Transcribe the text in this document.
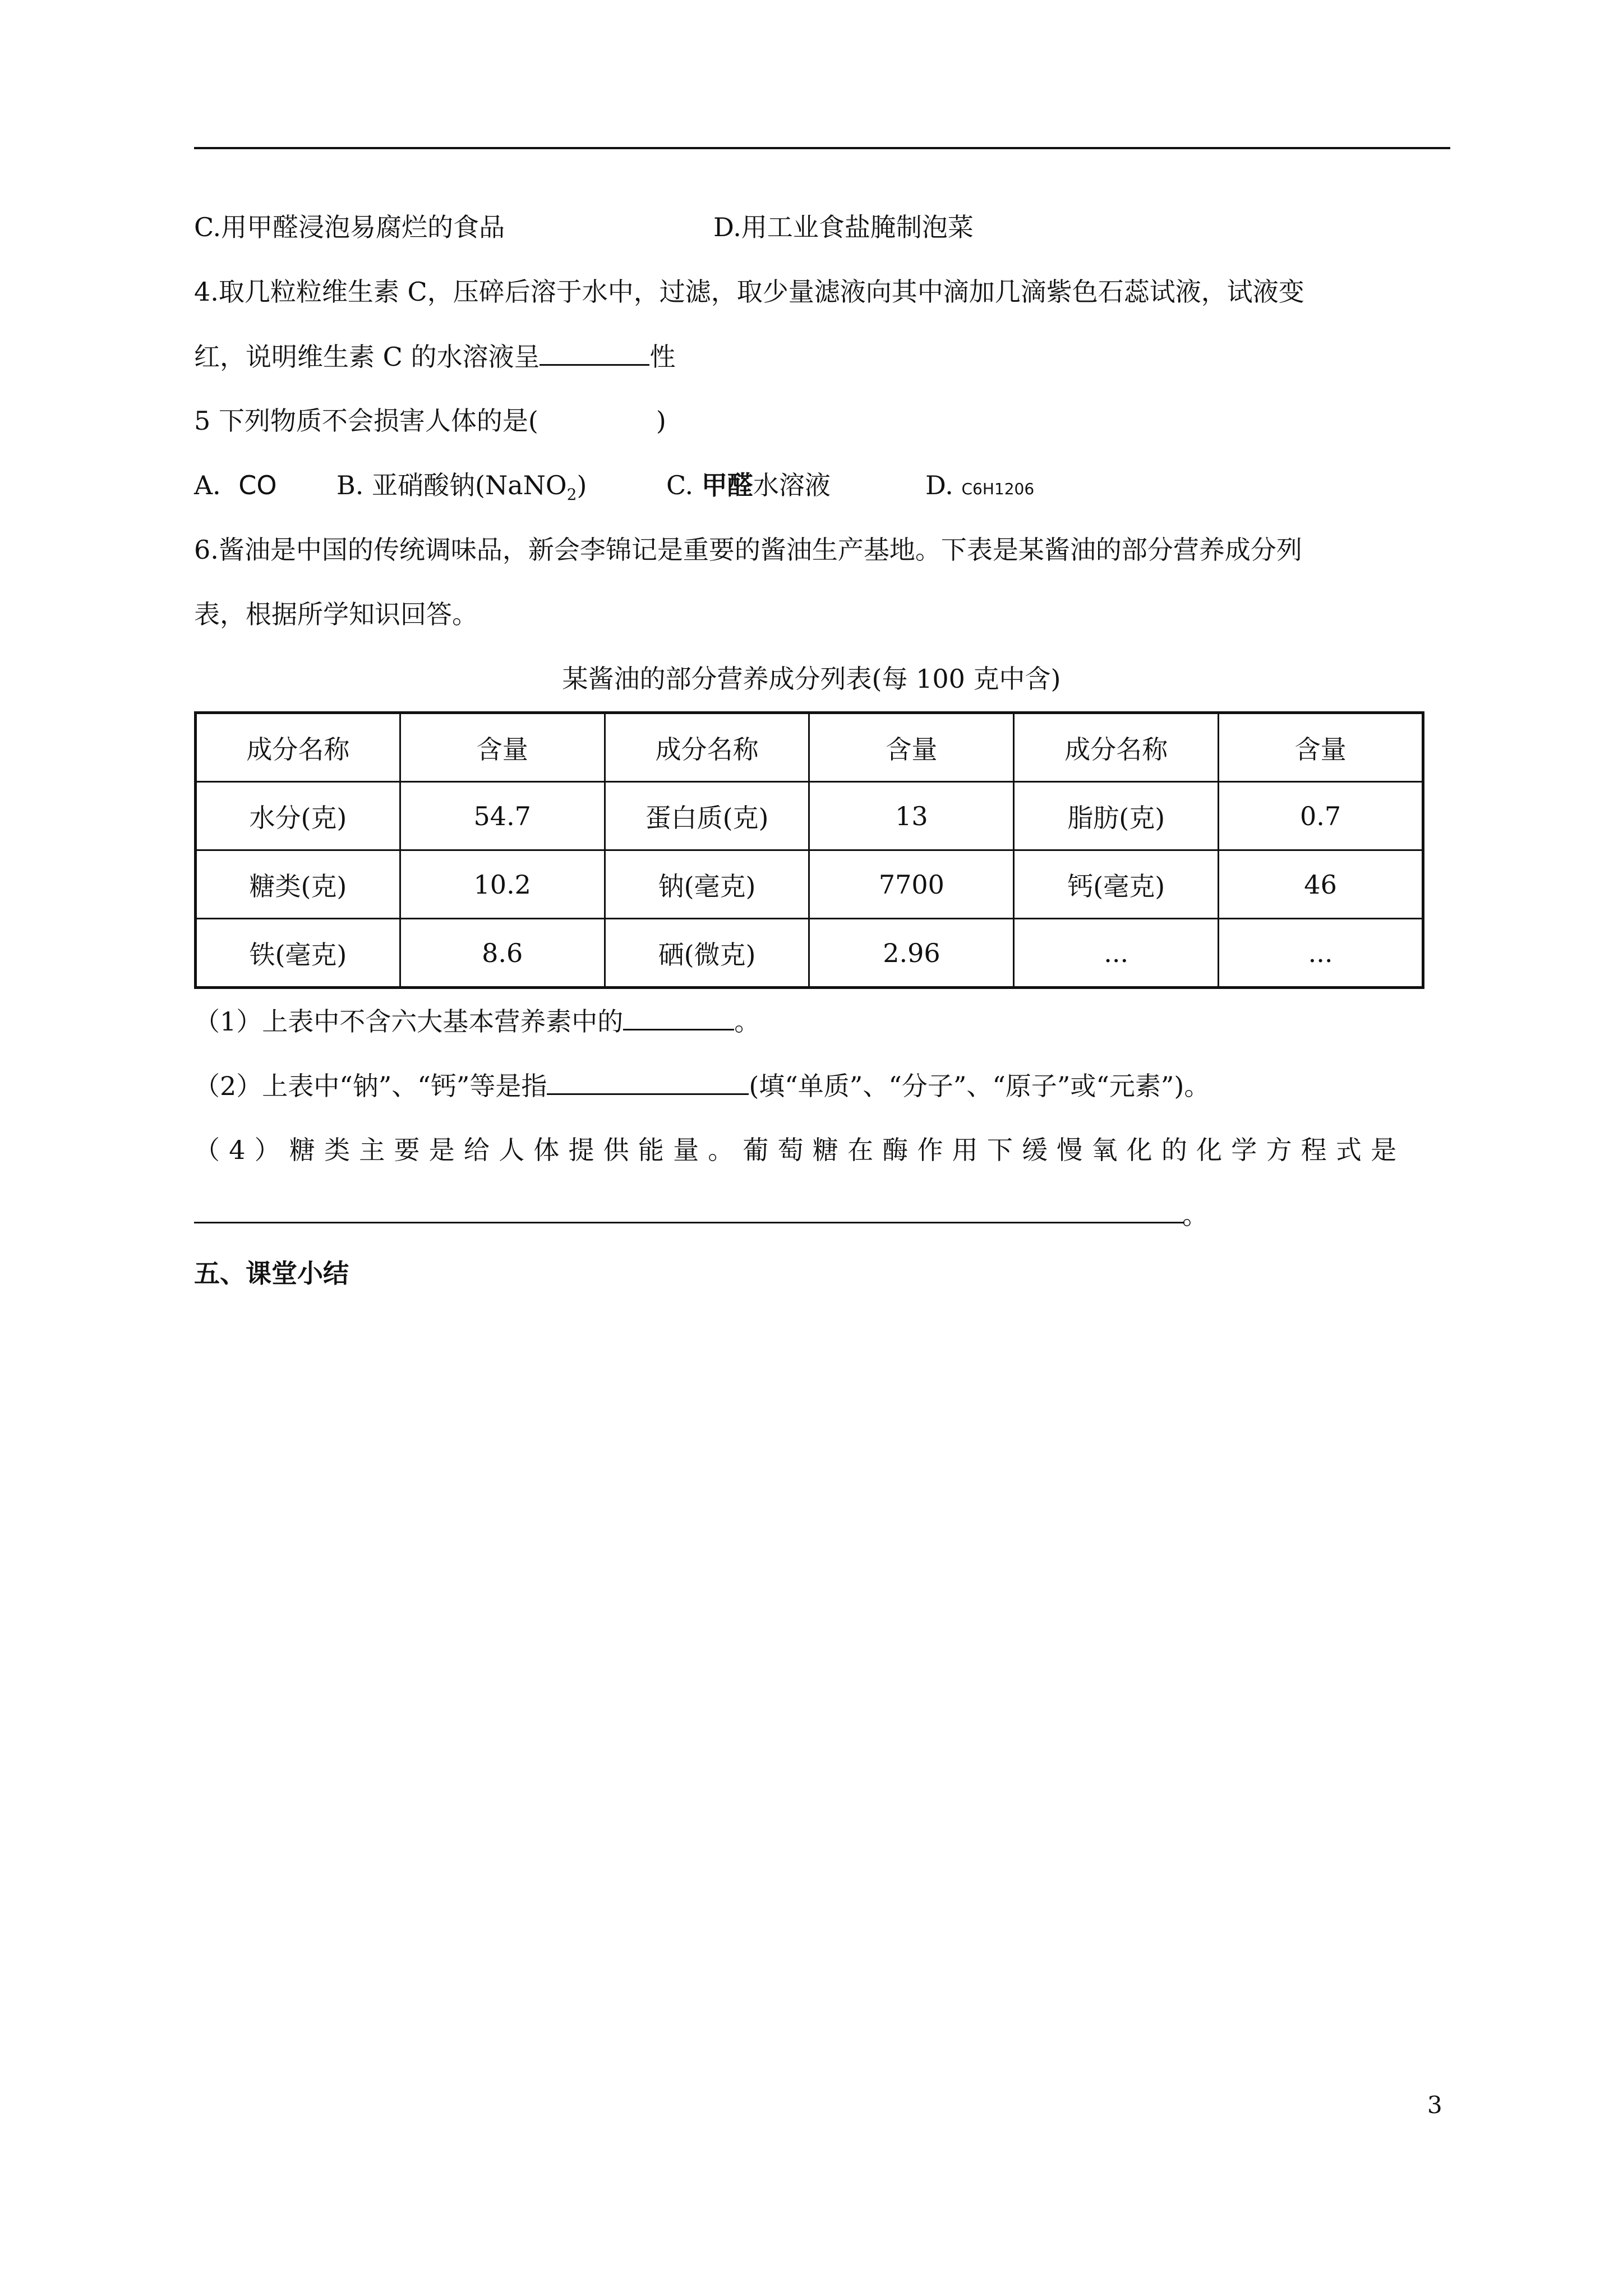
C.用甲醛浸泡易腐烂的食品	D.用工业食盐腌制泡菜
4.取几粒粒维生素 C，压碎后溶于水中，过滤，取少量滤液向其中滴加几滴紫色石蕊试液，试液变
红，说明维生素 C 的水溶液呈	性
5 下列物质不会损害人体的是(	)
A．CO B. 亚硝酸钠(NaNO$_2$)	C. 甲醛水溶液	D. C6H1206
6.酱油是中国的传统调味品，新会李锦记是重要的酱油生产基地。下表是某酱油的部分营养成分列
表，根据所学知识回答。
某酱油的部分营养成分列表(每 100 克中含)
成分名称	含量	成分名称	含量	成分名称	含量
水分(克)	54.7	蛋白质(克)	13	脂肪(克)	0.7
糖类(克)	10.2	钠(毫克)	7700	钙(毫克)	46
铁(毫克)	8.6	硒(微克)	2.96	...	...
（1）上表中不含六大基本营养素中的	。
（2）上表中“钠”、“钙”等是指	(填“单质”、“分子”、“原子”或“元素”)。
（4）糖类主要是给人体提供能量。葡萄糖在酶作用下缓慢氧化的化学方程式是
。
五、课堂小结
3
